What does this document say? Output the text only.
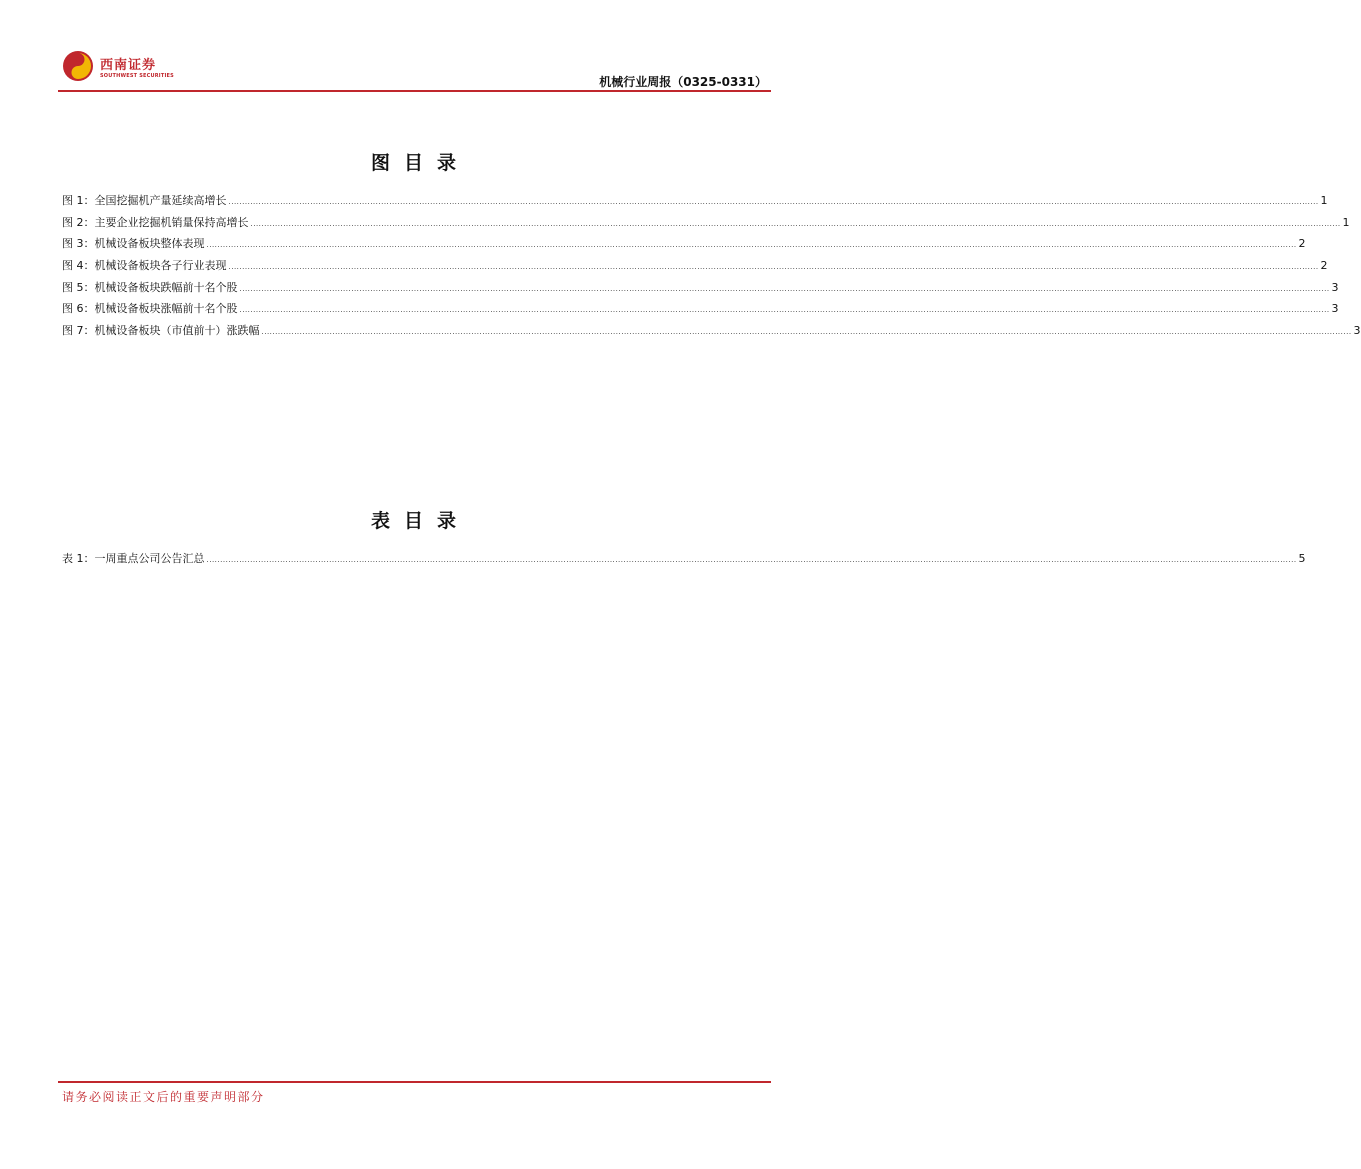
西南证券
SOUTHWEST SECURITIES	机械行业周报（0325-0331）
图目录
图 1：全国挖掘机产量延续高增长 ................................................................................................................................................................................................................................................................................................................................................................................................................ 1
图 2：主要企业挖掘机销量保持高增长 ................................................................................................................................................................................................................................................................................................................................................................................................................ 1
图 3：机械设备板块整体表现 ................................................................................................................................................................................................................................................................................................................................................................................................................ 2
图 4：机械设备板块各子行业表现 ................................................................................................................................................................................................................................................................................................................................................................................................................ 2
图 5：机械设备板块跌幅前十名个股 ................................................................................................................................................................................................................................................................................................................................................................................................................ 3
图 6：机械设备板块涨幅前十名个股 ................................................................................................................................................................................................................................................................................................................................................................................................................ 3
图 7：机械设备板块（市值前十）涨跌幅 ................................................................................................................................................................................................................................................................................................................................................................................................................ 3
表目录
表 1：一周重点公司公告汇总 ................................................................................................................................................................................................................................................................................................................................................................................................................ 5
请务必阅读正文后的重要声明部分
